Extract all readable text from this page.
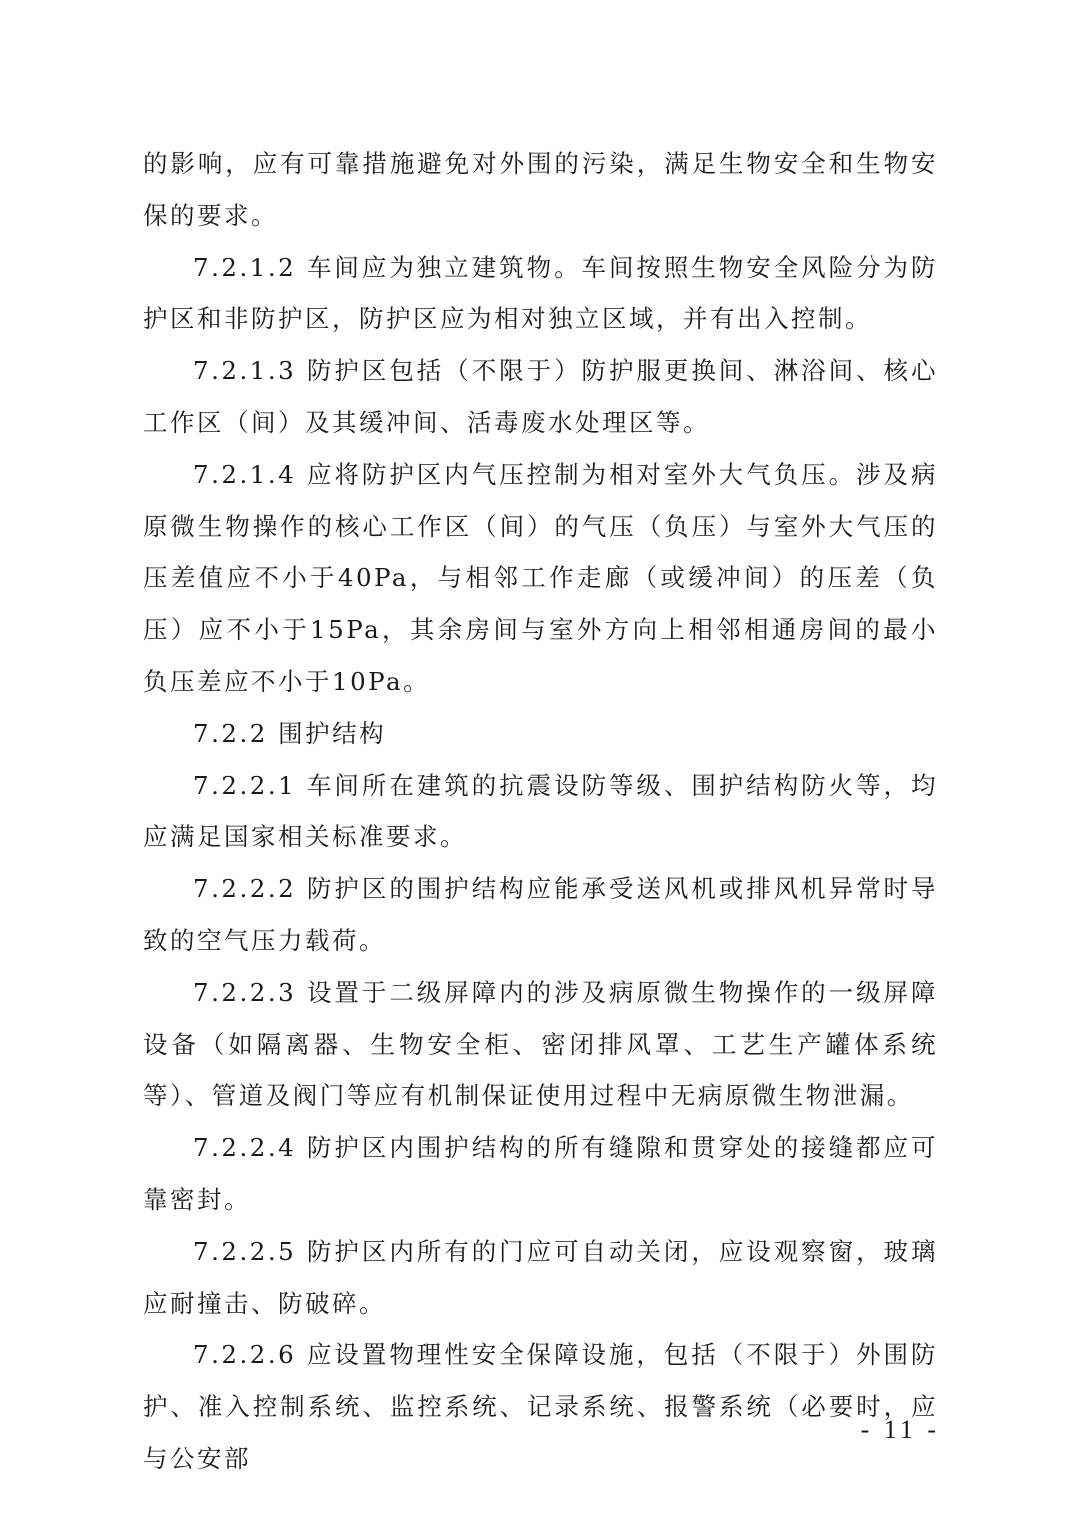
的影响，应有可靠措施避免对外围的污染，满足生物安全和生物安保的要求。

7.2.1.2 车间应为独立建筑物。车间按照生物安全风险分为防护区和非防护区，防护区应为相对独立区域，并有出入控制。

7.2.1.3 防护区包括（不限于）防护服更换间、淋浴间、核心工作区（间）及其缓冲间、活毒废水处理区等。

7.2.1.4 应将防护区内气压控制为相对室外大气负压。涉及病原微生物操作的核心工作区（间）的气压（负压）与室外大气压的压差值应不小于40Pa，与相邻工作走廊（或缓冲间）的压差（负压）应不小于15Pa，其余房间与室外方向上相邻相通房间的最小负压差应不小于10Pa。

7.2.2 围护结构

7.2.2.1 车间所在建筑的抗震设防等级、围护结构防火等，均应满足国家相关标准要求。

7.2.2.2 防护区的围护结构应能承受送风机或排风机异常时导致的空气压力载荷。

7.2.2.3 设置于二级屏障内的涉及病原微生物操作的一级屏障设备（如隔离器、生物安全柜、密闭排风罩、工艺生产罐体系统等）、管道及阀门等应有机制保证使用过程中无病原微生物泄漏。

7.2.2.4 防护区内围护结构的所有缝隙和贯穿处的接缝都应可靠密封。

7.2.2.5 防护区内所有的门应可自动关闭，应设观察窗，玻璃应耐撞击、防破碎。

7.2.2.6 应设置物理性安全保障设施，包括（不限于）外围防护、准入控制系统、监控系统、记录系统、报警系统（必要时，应与公安部

- 11 -
